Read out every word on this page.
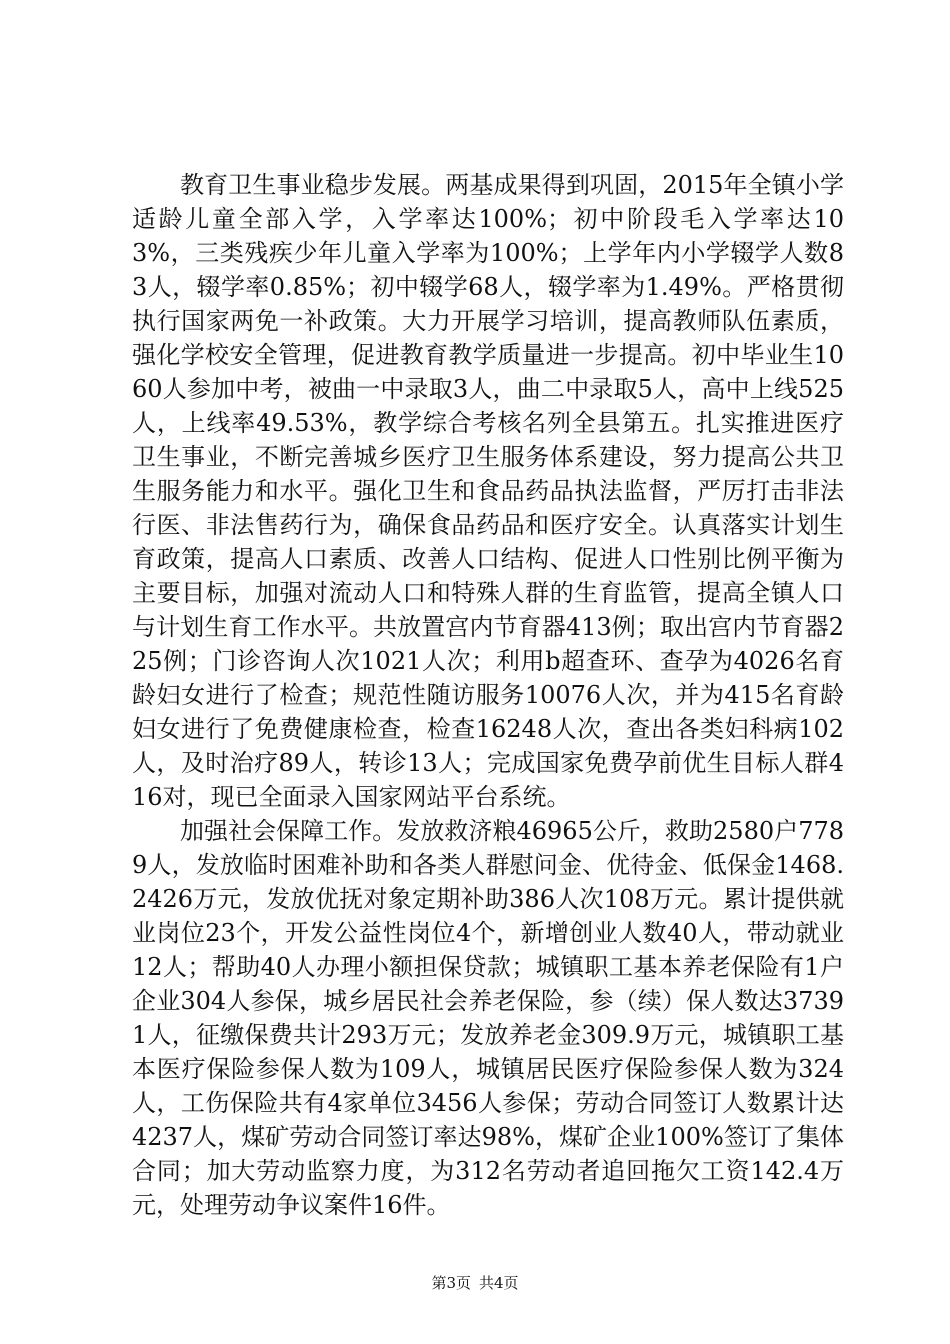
教育卫生事业稳步发展。两基成果得到巩固，2015年全镇小学适龄儿童全部入学，入学率达100%；初中阶段毛入学率达103%，三类残疾少年儿童入学率为100%；上学年内小学辍学人数83人，辍学率0.85%；初中辍学68人，辍学率为1.49%。严格贯彻执行国家两免一补政策。大力开展学习培训，提高教师队伍素质，强化学校安全管理，促进教育教学质量进一步提高。初中毕业生1060人参加中考，被曲一中录取3人，曲二中录取5人，高中上线525人，上线率49.53%，教学综合考核名列全县第五。扎实推进医疗卫生事业，不断完善城乡医疗卫生服务体系建设，努力提高公共卫生服务能力和水平。强化卫生和食品药品执法监督，严厉打击非法行医、非法售药行为，确保食品药品和医疗安全。认真落实计划生育政策，提高人口素质、改善人口结构、促进人口性别比例平衡为主要目标，加强对流动人口和特殊人群的生育监管，提高全镇人口与计划生育工作水平。共放置宫内节育器413例；取出宫内节育器225例；门诊咨询人次1021人次；利用b超查环、查孕为4026名育龄妇女进行了检查；规范性随访服务10076人次，并为415名育龄妇女进行了免费健康检查，检查16248人次，查出各类妇科病102人，及时治疗89人，转诊13人；完成国家免费孕前优生目标人群416对，现已全面录入国家网站平台系统。

加强社会保障工作。发放救济粮46965公斤，救助2580户7789人，发放临时困难补助和各类人群慰问金、优待金、低保金1468.2426万元，发放优抚对象定期补助386人次108万元。累计提供就业岗位23个，开发公益性岗位4个，新增创业人数40人，带动就业12人；帮助40人办理小额担保贷款；城镇职工基本养老保险有1户企业304人参保，城乡居民社会养老保险，参（续）保人数达37391人，征缴保费共计293万元；发放养老金309.9万元，城镇职工基本医疗保险参保人数为109人，城镇居民医疗保险参保人数为324人，工伤保险共有4家单位3456人参保；劳动合同签订人数累计达4237人，煤矿劳动合同签订率达98%，煤矿企业100%签订了集体合同；加大劳动监察力度，为312名劳动者追回拖欠工资142.4万元，处理劳动争议案件16件。

第3页 共4页
